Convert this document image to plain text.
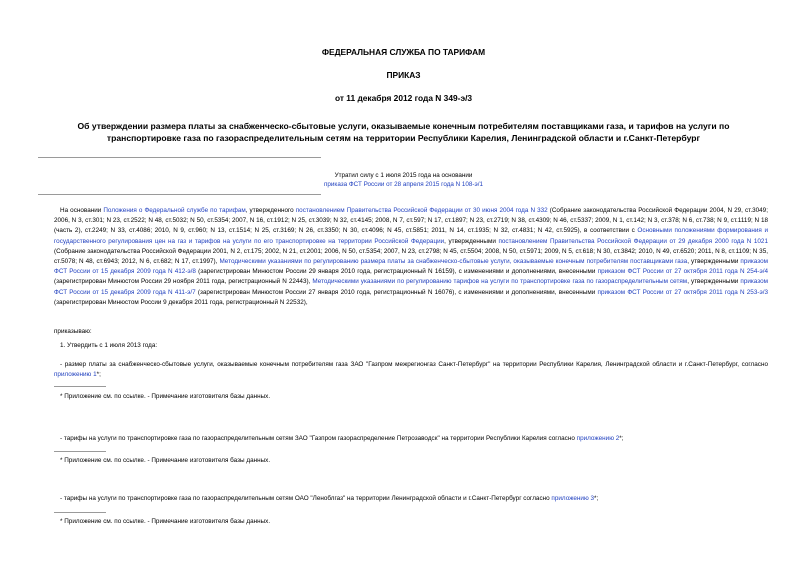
ФЕДЕРАЛЬНАЯ СЛУЖБА ПО ТАРИФАМ
ПРИКАЗ
от 11 декабря 2012 года N 349-э/3
Об утверждении размера платы за снабженческо-сбытовые услуги, оказываемые конечным потребителям поставщиками газа, и тарифов на услуги по
транспортировке газа по газораспределительным сетям на территории Республики Карелия, Ленинградской области и г.Санкт-Петербург
Утратил силу с 1 июля 2015 года на основании
приказа ФСТ России от 28 апреля 2015 года N 108-э/1
На основании Положения о Федеральной службе по тарифам, утвержденного постановлением Правительства Российской Федерации от 30 июня 2004 года N 332 (Собрание законодательства Российской Федерации 2004, N 29, ст.3049; 2006, N 3, ст.301; N 23, ст.2522; N 48, ст.5032; N 50, ст.5354; 2007, N 16, ст.1912; N 25, ст.3039; N 32, ст.4145; 2008, N 7, ст.597; N 17, ст.1897; N 23, ст.2719; N 38, ст.4309; N 46, ст.5337; 2009, N 1, ст.142; N 3, ст.378; N 6, ст.738; N 9, ст.1119; N 18 (часть 2), ст.2249; N 33, ст.4086; 2010, N 9, ст.960; N 13, ст.1514; N 25, ст.3169; N 26, ст.3350; N 30, ст.4096; N 45, ст.5851; 2011, N 14, ст.1935; N 32, ст.4831; N 42, ст.5925), в соответствии с Основными положениями формирования и государственного регулирования цен на газ и тарифов на услуги по его транспортировке на территории Российской Федерации, утвержденными постановлением Правительства Российской Федерации от 29 декабря 2000 года N 1021 (Собрание законодательства Российской Федерации 2001, N 2, ст.175; 2002, N 21, ст.2001; 2006, N 50, ст.5354; 2007, N 23, ст.2798; N 45, ст.5504; 2008, N 50, ст.5971; 2009, N 5, ст.618; N 30, ст.3842; 2010, N 49, ст.6520; 2011, N 8, ст.1109; N 35, ст.5078; N 48, ст.6943; 2012, N 6, ст.682; N 17, ст.1997), Методическими указаниями по регулированию размера платы за снабженческо-сбытовые услуги, оказываемые конечным потребителям поставщиками газа, утвержденными приказом ФСТ России от 15 декабря 2009 года N 412-э/8 (зарегистрирован Минюстом России 29 января 2010 года, регистрационный N 16159), с изменениями и дополнениями, внесенными приказом ФСТ России от 27 октября 2011 года N 254-э/4 (зарегистрирован Минюстом России 29 ноября 2011 года, регистрационный N 22443), Методическими указаниями по регулированию тарифов на услуги по транспортировке газа по газораспределительным сетям, утвержденными приказом ФСТ России от 15 декабря 2009 года N 411-э/7 (зарегистрирован Минюстом России 27 января 2010 года, регистрационный N 16076), с изменениями и дополнениями, внесенными приказом ФСТ России от 27 октября 2011 года N 253-э/3 (зарегистрирован Минюстом России 9 декабря 2011 года, регистрационный N 22532),
приказываю:
1. Утвердить с 1 июля 2013 года:
- размер платы за снабженческо-сбытовые услуги, оказываемые конечным потребителям газа ЗАО "Газпром межрегионгаз Санкт-Петербург" на территории Республики Карелия, Ленинградской области и г.Санкт-Петербург, согласно приложению 1*;
* Приложение см. по ссылке. - Примечание изготовителя базы данных.
- тарифы на услуги по транспортировке газа по газораспределительным сетям ЗАО "Газпром газораспределение Петрозаводск" на территории Республики Карелия согласно приложению 2*;
* Приложение см. по ссылке. - Примечание изготовителя базы данных.
- тарифы на услуги по транспортировке газа по газораспределительным сетям ОАО "Леноблгаз" на территории Ленинградской области и г.Санкт-Петербург согласно приложению 3*;
* Приложение см. по ссылке. - Примечание изготовителя базы данных.
